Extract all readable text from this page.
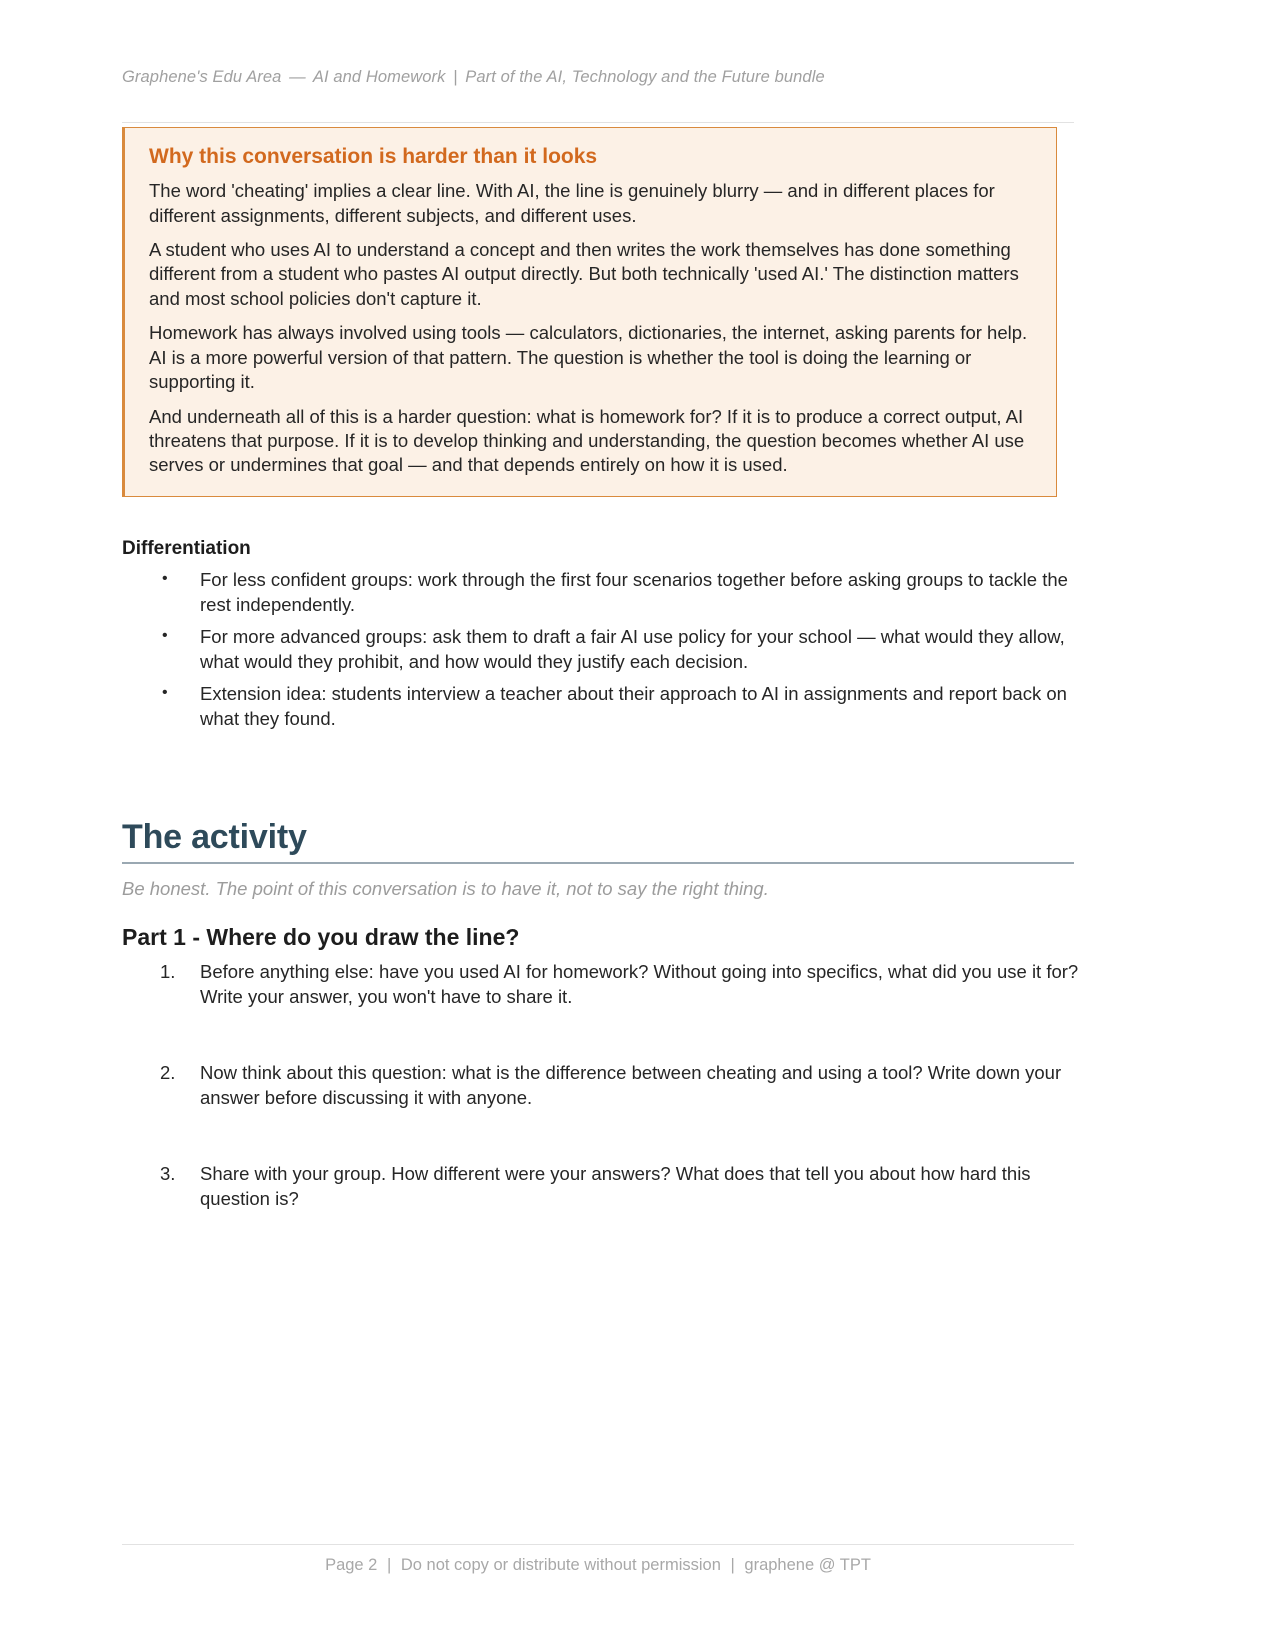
Graphene's Edu Area — AI and Homework | Part of the AI, Technology and the Future bundle
Why this conversation is harder than it looks

The word 'cheating' implies a clear line. With AI, the line is genuinely blurry — and in different places for different assignments, different subjects, and different uses.

A student who uses AI to understand a concept and then writes the work themselves has done something different from a student who pastes AI output directly. But both technically 'used AI.' The distinction matters and most school policies don't capture it.

Homework has always involved using tools — calculators, dictionaries, the internet, asking parents for help. AI is a more powerful version of that pattern. The question is whether the tool is doing the learning or supporting it.

And underneath all of this is a harder question: what is homework for? If it is to produce a correct output, AI threatens that purpose. If it is to develop thinking and understanding, the question becomes whether AI use serves or undermines that goal — and that depends entirely on how it is used.

Differentiation
• For less confident groups: work through the first four scenarios together before asking groups to tackle the rest independently.
• For more advanced groups: ask them to draft a fair AI use policy for your school — what would they allow, what would they prohibit, and how would they justify each decision.
• Extension idea: students interview a teacher about their approach to AI in assignments and report back on what they found.
The activity
Be honest. The point of this conversation is to have it, not to say the right thing.
Part 1 - Where do you draw the line?
1. Before anything else: have you used AI for homework? Without going into specifics, what did you use it for? Write your answer, you won't have to share it.
2. Now think about this question: what is the difference between cheating and using a tool? Write down your answer before discussing it with anyone.
3. Share with your group. How different were your answers? What does that tell you about how hard this question is?
Page 2 | Do not copy or distribute without permission | graphene @ TPT
